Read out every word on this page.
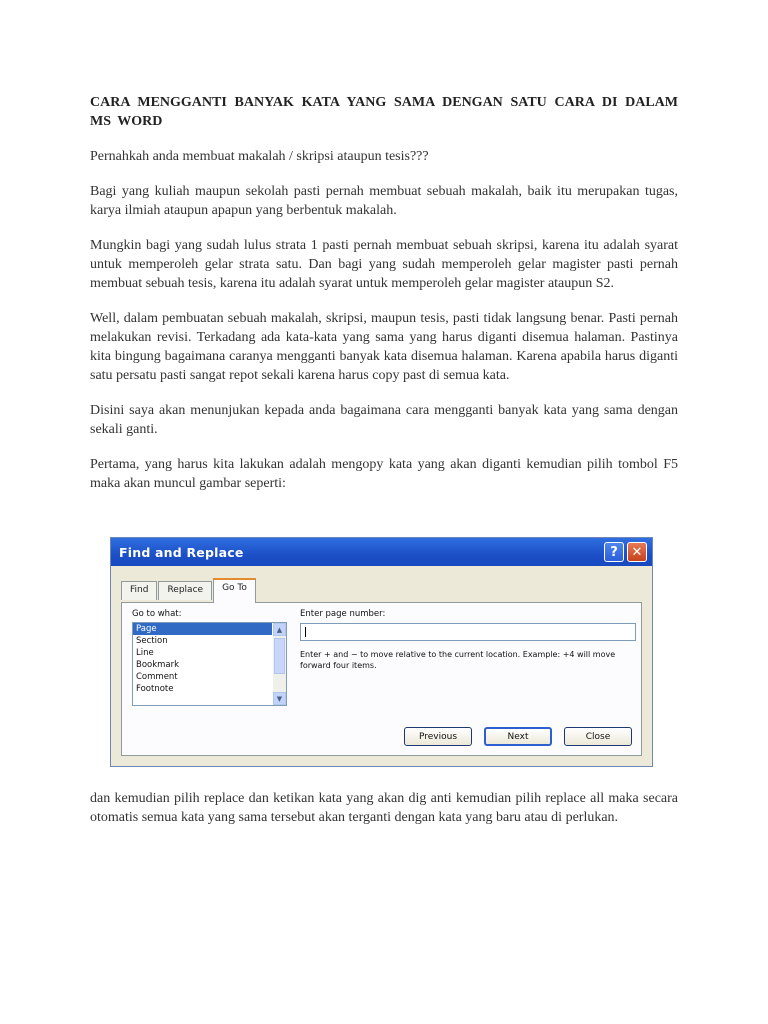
CARA MENGGANTI BANYAK KATA YANG SAMA DENGAN SATU CARA DI DALAM MS WORD

Pernahkah anda membuat makalah / skripsi ataupun tesis???

Bagi yang kuliah maupun sekolah pasti pernah membuat sebuah makalah, baik itu merupakan tugas, karya ilmiah ataupun apapun yang berbentuk makalah.

Mungkin bagi yang sudah lulus strata 1 pasti pernah membuat sebuah skripsi, karena itu adalah syarat untuk memperoleh gelar strata satu. Dan bagi yang sudah memperoleh gelar magister pasti pernah membuat sebuah tesis, karena itu adalah syarat untuk memperoleh gelar magister ataupun S2.

Well, dalam pembuatan sebuah makalah, skripsi, maupun tesis, pasti tidak langsung benar. Pasti pernah melakukan revisi. Terkadang ada kata-kata yang sama yang harus diganti disemua halaman. Pastinya kita bingung bagaimana caranya mengganti banyak kata disemua halaman. Karena apabila harus diganti satu persatu pasti sangat repot sekali karena harus copy past di semua kata.

Disini saya akan menunjukan kepada anda bagaimana cara mengganti banyak kata yang sama dengan sekali ganti.

Pertama, yang harus kita lakukan adalah mengopy kata yang akan diganti kemudian pilih tombol F5 maka akan muncul gambar seperti:

Find and Replace	?	✕
Find	Replace	Go To
Go to what:
Page
Section
Line
Bookmark
Comment
Footnote
▲
▼
Enter page number:
Enter + and − to move relative to the current location. Example: +4 will move forward four items.
Previous	Next	Close

dan kemudian pilih replace dan ketikan kata yang akan dig anti kemudian pilih replace all maka secara otomatis semua kata yang sama tersebut akan terganti dengan kata yang baru atau di perlukan.
